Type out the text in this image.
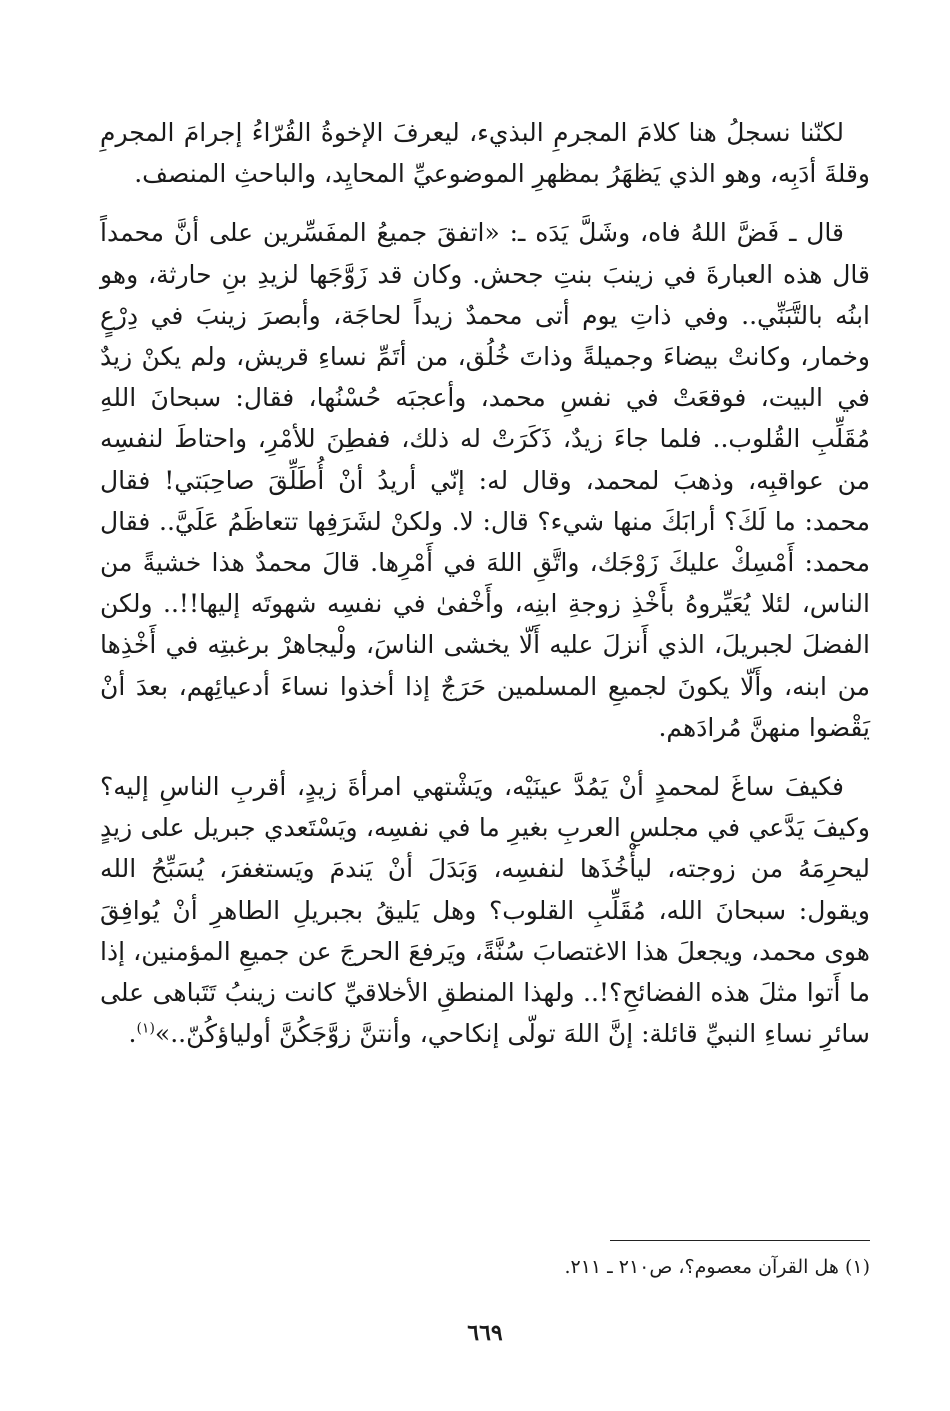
لكنّنا نسجلُ هنا كلامَ المجرمِ البذيء، ليعرفَ الإخوةُ القُرّاءُ إجرامَ المجرمِ وقلةَ أدَبِه، وهو الذي يَظهَرُ بمظهرِ الموضوعيِّ المحايِد، والباحثِ المنصف.

قال ـ فَضَّ اللهُ فاه، وشَلَّ يَدَه ـ: «اتفقَ جميعُ المفَسِّرين على أنَّ محمداً قال هذه العبارةَ في زينبَ بنتِ جحش. وكان قد زَوَّجَها لزيدِ بنِ حارثة، وهو ابنُه بالتَّبَنِّي.. وفي ذاتِ يوم أتى محمدٌ زيداً لحاجَة، وأبصرَ زينبَ في دِرْعٍ وخمار، وكانتْ بيضاءَ وجميلةً وذاتَ خُلُق، من أتَمِّ نساءِ قريش، ولم يكنْ زيدٌ في البيت، فوقعَتْ في نفسِ محمد، وأعجبَه حُسْنُها، فقال: سبحانَ اللهِ مُقَلِّبِ القُلوب.. فلما جاءَ زيدٌ، ذَكَرَتْ له ذلك، ففطِنَ للأمْرِ، واحتاطَ لنفسِه من عواقبِه، وذهبَ لمحمد، وقال له: إنّي أريدُ أنْ أُطَلِّقَ صاحِبَتي! فقال محمد: ما لَكَ؟ أرابَكَ منها شيء؟ قال: لا. ولكنْ لشَرَفِها تتعاظَمُ عَلَيَّ.. فقال محمد: أَمْسِكْ عليكَ زَوْجَك، واتَّقِ اللهَ في أَمْرِها. قالَ محمدٌ هذا خشيةً من الناس، لئلا يُعَيِّروهُ بأَخْذِ زوجةِ ابنِه، وأَخْفىٰ في نفسِه شهوتَه إليها!!.. ولكن الفضلَ لجبريلَ، الذي أَنزلَ عليه أَلّا يخشى الناسَ، ولْيجاهرْ برغبتِه في أَخْذِها من ابنه، وأَلّا يكونَ لجميعِ المسلمين حَرَجٌ إذا أخذوا نساءَ أدعيائِهم، بعدَ أنْ يَقْضوا منهنَّ مُرادَهم.

فكيفَ ساغَ لمحمدٍ أنْ يَمُدَّ عينَيْه، ويَشْتهي امرأةَ زيدٍ، أقربِ الناسِ إليه؟ وكيفَ يَدَّعي في مجلسِ العربِ بغيرِ ما في نفسِه، ويَسْتَعدي جبريل على زيدٍ ليحرِمَهُ من زوجته، ليأْخُذَها لنفسِه، وَبَدَلَ أنْ يَندمَ ويَستغفرَ، يُسَبِّحُ الله ويقول: سبحانَ الله، مُقَلِّبِ القلوب؟ وهل يَليقُ بجبريلِ الطاهرِ أنْ يُوافِقَ هوى محمد، ويجعلَ هذا الاغتصابَ سُنَّةً، ويَرفعَ الحرجَ عن جميعِ المؤمنين، إذا ما أَتوا مثلَ هذه الفضائحِ؟!.. ولهذا المنطقِ الأخلاقيِّ كانت زينبُ تَتَباهى على سائرِ نساءِ النبيِّ قائلة: إنَّ اللهَ تولّى إنكاحي، وأنتنَّ زوَّجَكُنَّ أولياؤكُنّ..»$^{(١)}$.

(١) هل القرآن معصوم؟، ص٢١٠ ـ ٢١١.
٦٦٩
